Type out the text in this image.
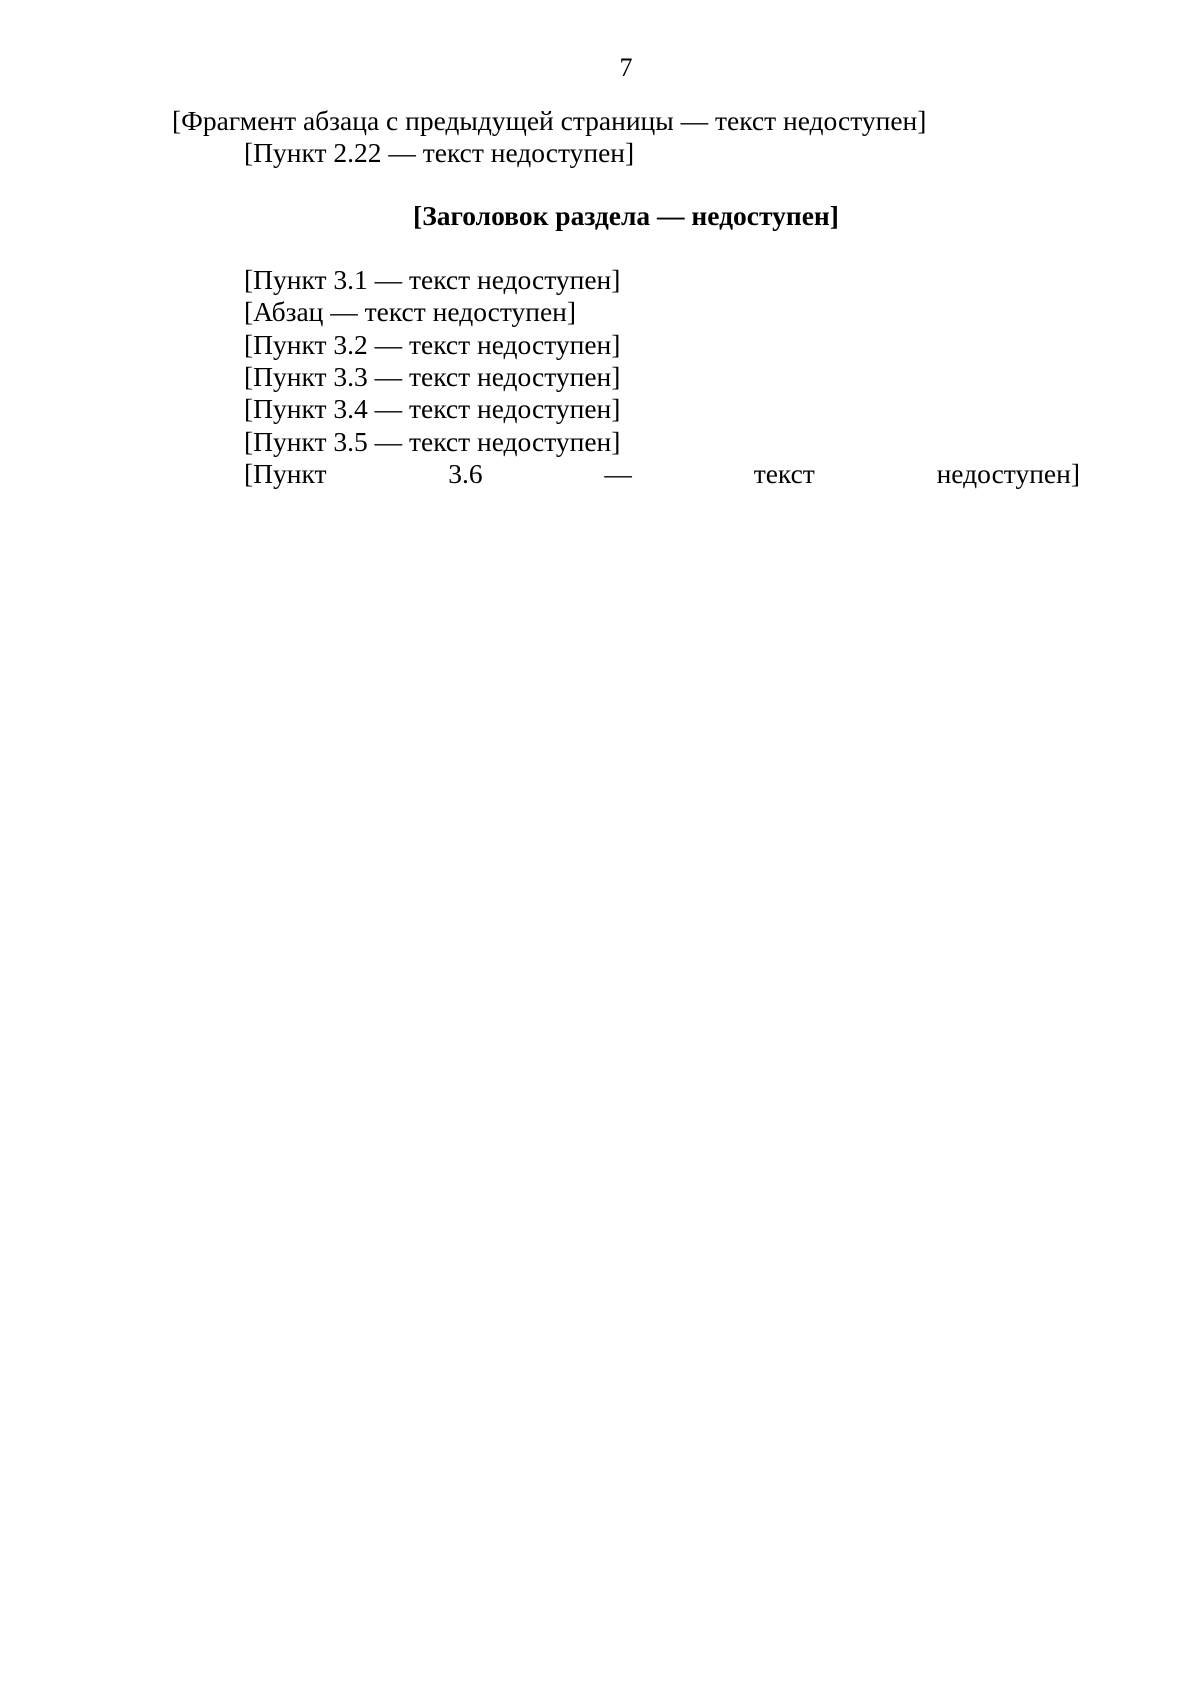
7

[Фрагмент абзаца с предыдущей страницы — текст недоступен]

[Пункт 2.22 — текст недоступен]

[Заголовок раздела — недоступен]

[Пункт 3.1 — текст недоступен]

[Абзац — текст недоступен]

[Пункт 3.2 — текст недоступен]

[Пункт 3.3 — текст недоступен]

[Пункт 3.4 — текст недоступен]

[Пункт 3.5 — текст недоступен]

[Пункт 3.6 — текст недоступен]
